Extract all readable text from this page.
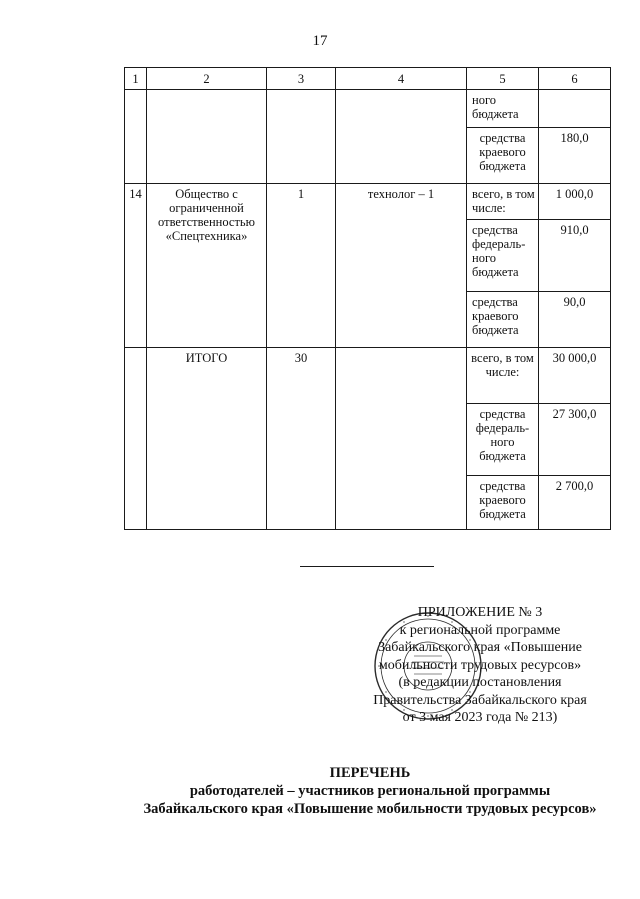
17
1	2	3	4	5	6
				ного бюджета	
				средства краевого бюджета	180,0
14	Общество с ограниченной ответственностью «Спецтехника»	1	технолог – 1	всего, в том числе:	1 000,0
				средства федераль-ного бюджета	910,0
				средства краевого бюджета	90,0
	ИТОГО	30		всего, в том числе:	30 000,0
				средства федераль-ного бюджета	27 300,0
				средства краевого бюджета	2 700,0
ПРИЛОЖЕНИЕ № 3
к региональной программе
Забайкальского края «Повышение
мобильности трудовых ресурсов»
(в редакции постановления
Правительства Забайкальского края
от 3 мая 2023 года № 213)
ПЕРЕЧЕНЬ
работодателей – участников региональной программы
Забайкальского края «Повышение мобильности трудовых ресурсов»
